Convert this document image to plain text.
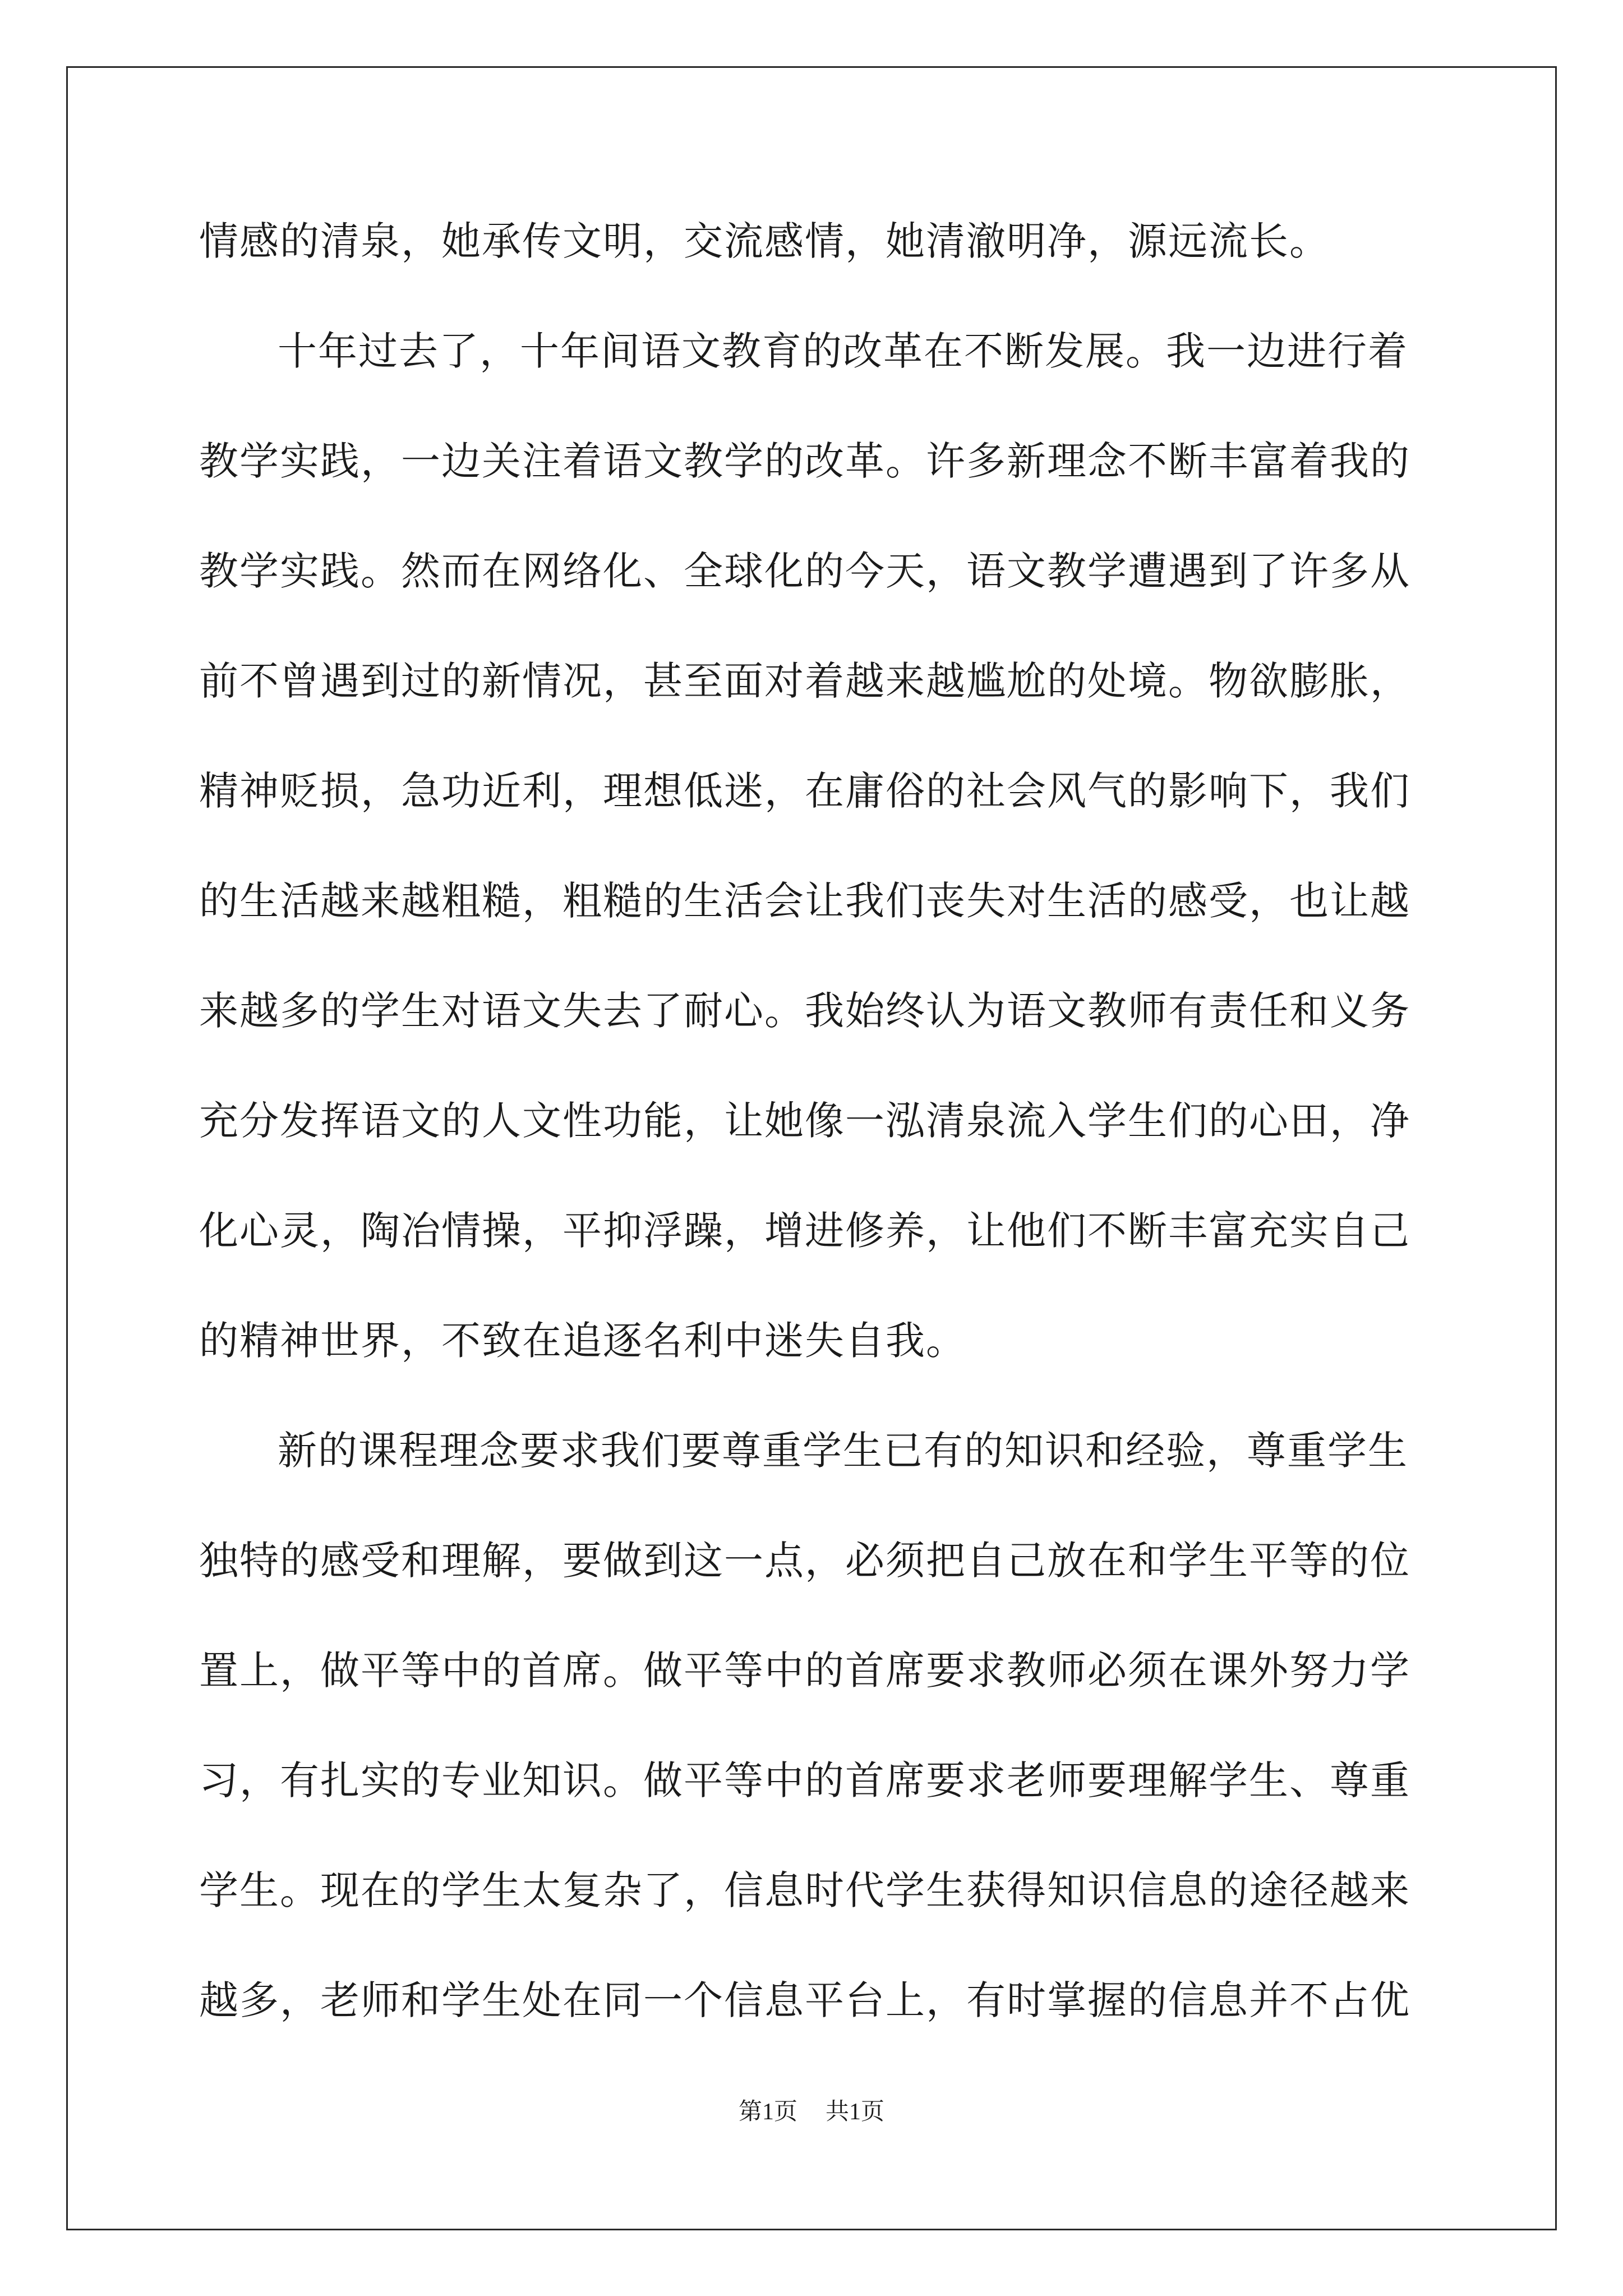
情感的清泉，她承传文明，交流感情，她清澈明净，源远流长。
十年过去了，十年间语文教育的改革在不断发展。我一边进行着
教学实践，一边关注着语文教学的改革。许多新理念不断丰富着我的
教学实践。然而在网络化、全球化的今天，语文教学遭遇到了许多从
前不曾遇到过的新情况，甚至面对着越来越尴尬的处境。物欲膨胀，
精神贬损，急功近利，理想低迷，在庸俗的社会风气的影响下，我们
的生活越来越粗糙，粗糙的生活会让我们丧失对生活的感受，也让越
来越多的学生对语文失去了耐心。我始终认为语文教师有责任和义务
充分发挥语文的人文性功能，让她像一泓清泉流入学生们的心田，净
化心灵，陶冶情操，平抑浮躁，增进修养，让他们不断丰富充实自己
的精神世界，不致在追逐名利中迷失自我。
新的课程理念要求我们要尊重学生已有的知识和经验，尊重学生
独特的感受和理解，要做到这一点，必须把自己放在和学生平等的位
置上，做平等中的首席。做平等中的首席要求教师必须在课外努力学
习，有扎实的专业知识。做平等中的首席要求老师要理解学生、尊重
学生。现在的学生太复杂了，信息时代学生获得知识信息的途径越来
越多，老师和学生处在同一个信息平台上，有时掌握的信息并不占优
第1页 共1页
